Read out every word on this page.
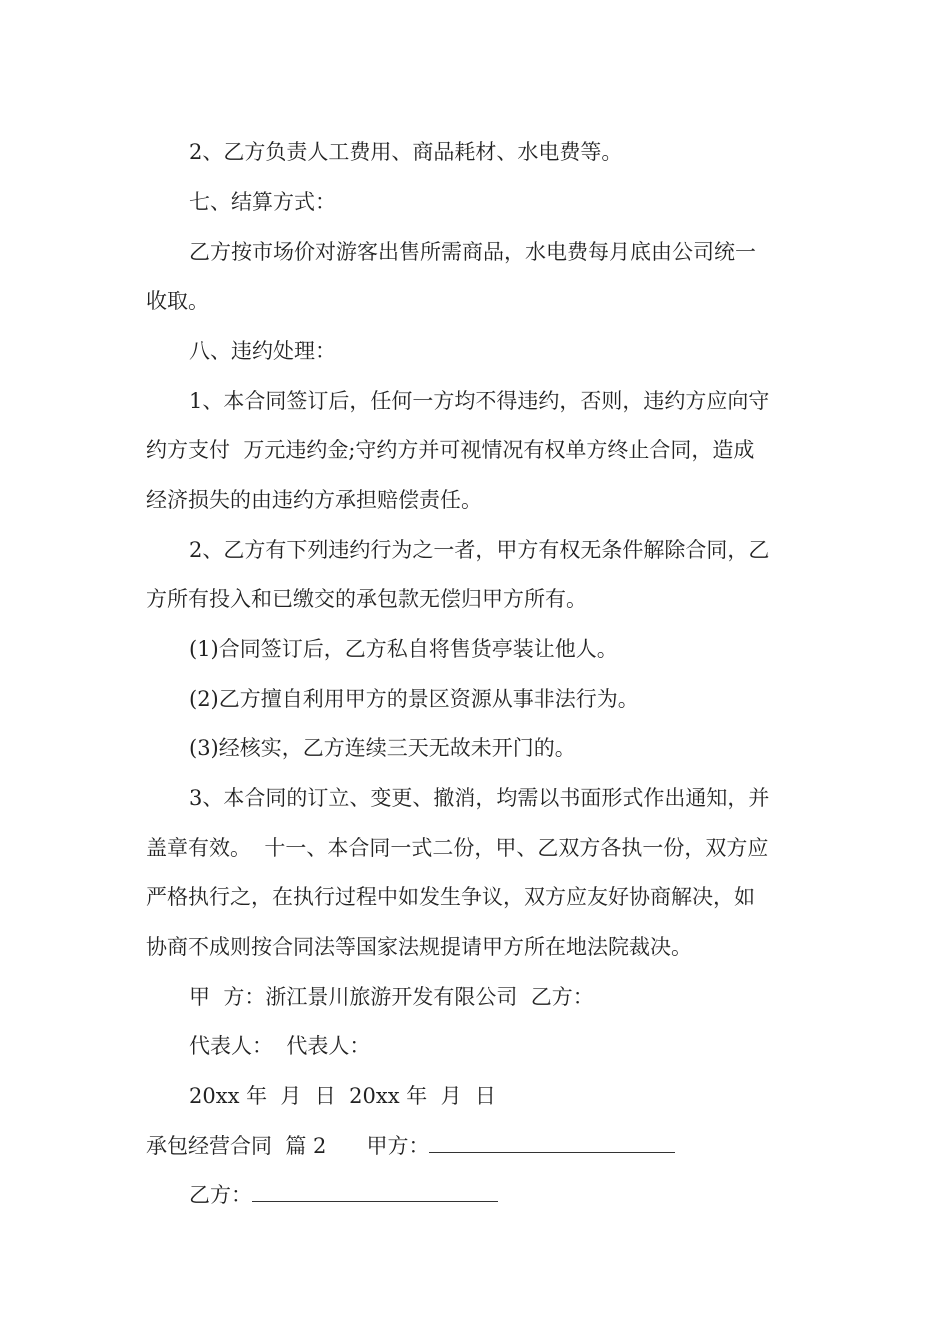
2、乙方负责人工费用、商品耗材、水电费等。
七、结算方式：
乙方按市场价对游客出售所需商品，水电费每月底由公司统一
收取。
八、违约处理：
1、本合同签订后，任何一方均不得违约，否则，违约方应向守
约方支付  万元违约金;守约方并可视情况有权单方终止合同，造成
经济损失的由违约方承担赔偿责任。
2、乙方有下列违约行为之一者，甲方有权无条件解除合同，乙
方所有投入和已缴交的承包款无偿归甲方所有。
(1)合同签订后，乙方私自将售货亭装让他人。
(2)乙方擅自利用甲方的景区资源从事非法行为。
(3)经核实，乙方连续三天无故未开门的。
3、本合同的订立、变更、撤消，均需以书面形式作出通知，并
盖章有效。  十一、本合同一式二份，甲、乙双方各执一份，双方应
严格执行之，在执行过程中如发生争议，双方应友好协商解决，如
协商不成则按合同法等国家法规提请甲方所在地法院裁决。
甲  方：浙江景川旅游开发有限公司  乙方：
代表人：  代表人：
20xx 年  月  日  20xx 年  月  日
承包经营合同  篇 2      甲方：
乙方：
